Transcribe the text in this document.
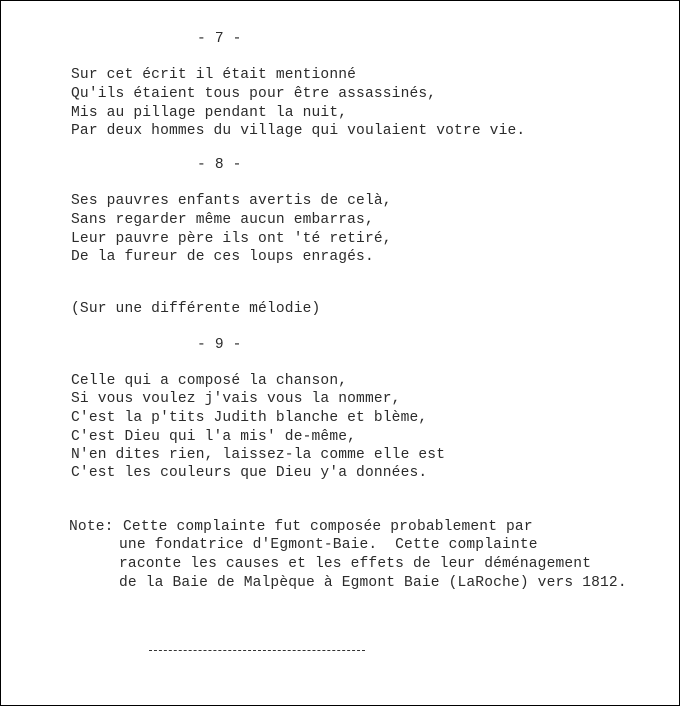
- 7 -
Sur cet écrit il était mentionné
Qu'ils étaient tous pour être assassinés,
Mis au pillage pendant la nuit,
Par deux hommes du village qui voulaient votre vie.
- 8 -
Ses pauvres enfants avertis de celà,
Sans regarder même aucun embarras,
Leur pauvre père ils ont 'té retiré,
De la fureur de ces loups enragés.
(Sur une différente mélodie)
- 9 -
Celle qui a composé la chanson,
Si vous voulez j'vais vous la nommer,
C'est la p'tits Judith blanche et blème,
C'est Dieu qui l'a mis' de-même,
N'en dites rien, laissez-la comme elle est
C'est les couleurs que Dieu y'a données.
Note: Cette complainte fut composée probablement par
une fondatrice d'Egmont-Baie.  Cette complainte
raconte les causes et les effets de leur déménagement
de la Baie de Malpèque à Egmont Baie (LaRoche) vers 1812.
